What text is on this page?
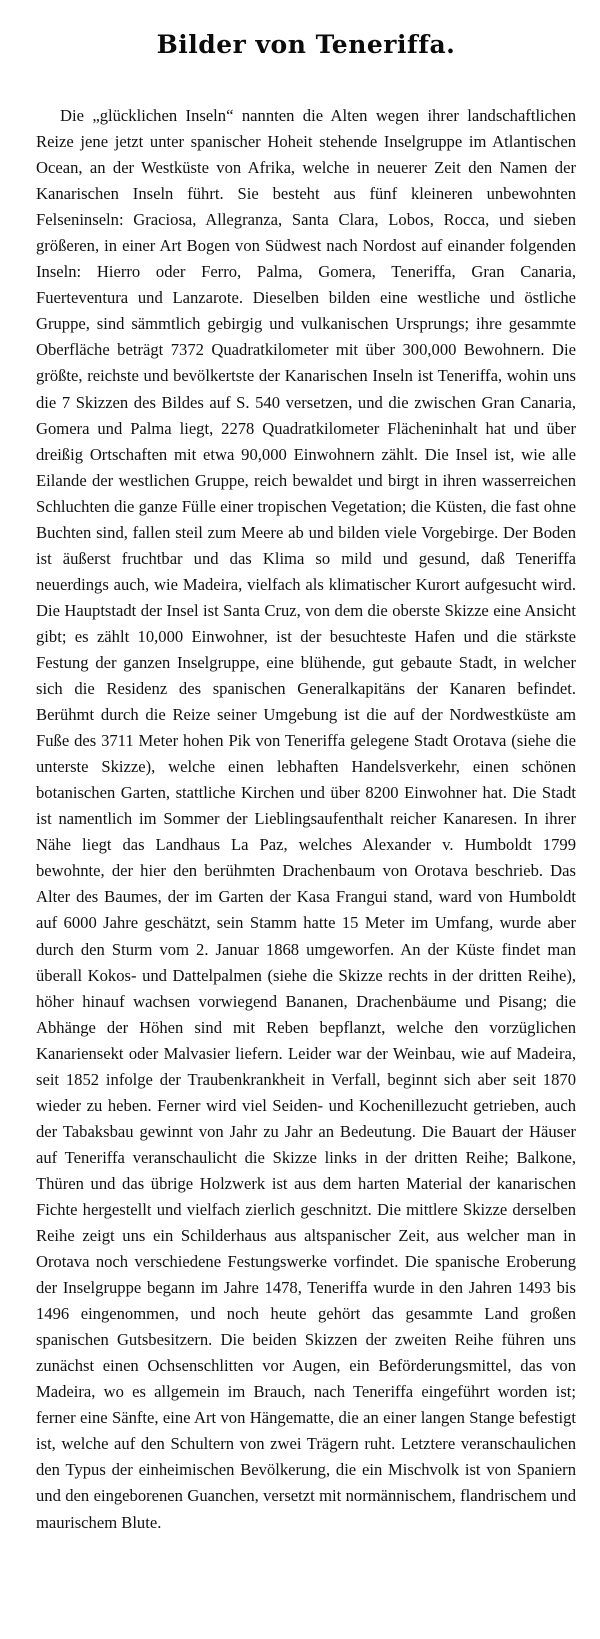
Bilder von Teneriffa.

Die „glücklichen Inseln“ nannten die Alten wegen ihrer landschaftlichen Reize jene jetzt unter spanischer Hoheit stehende Inselgruppe im Atlantischen Ocean, an der Westküste von Afrika, welche in neuerer Zeit den Namen der Kanarischen Inseln führt. Sie besteht aus fünf kleineren unbewohnten Felseninseln: Graciosa, Allegranza, Santa Clara, Lobos, Rocca, und sieben größeren, in einer Art Bogen von Südwest nach Nordost auf einander folgenden Inseln: Hierro oder Ferro, Palma, Gomera, Teneriffa, Gran Canaria, Fuerteventura und Lanzarote. Dieselben bilden eine westliche und östliche Gruppe, sind sämmtlich gebirgig und vulkanischen Ursprungs; ihre gesammte Oberfläche beträgt 7372 Quadratkilometer mit über 300,000 Bewohnern. Die größte, reichste und bevölkertste der Kanarischen Inseln ist Teneriffa, wohin uns die 7 Skizzen des Bildes auf S. 540 versetzen, und die zwischen Gran Canaria, Gomera und Palma liegt, 2278 Quadratkilometer Flächeninhalt hat und über dreißig Ortschaften mit etwa 90,000 Einwohnern zählt. Die Insel ist, wie alle Eilande der westlichen Gruppe, reich bewaldet und birgt in ihren wasserreichen Schluchten die ganze Fülle einer tropischen Vegetation; die Küsten, die fast ohne Buchten sind, fallen steil zum Meere ab und bilden viele Vorgebirge. Der Boden ist äußerst fruchtbar und das Klima so mild und gesund, daß Teneriffa neuerdings auch, wie Madeira, vielfach als klimatischer Kurort aufgesucht wird. Die Hauptstadt der Insel ist Santa Cruz, von dem die oberste Skizze eine Ansicht gibt; es zählt 10,000 Einwohner, ist der besuchteste Hafen und die stärkste Festung der ganzen Inselgruppe, eine blühende, gut gebaute Stadt, in welcher sich die Residenz des spanischen Generalkapitäns der Kanaren befindet. Berühmt durch die Reize seiner Umgebung ist die auf der Nordwestküste am Fuße des 3711 Meter hohen Pik von Teneriffa gelegene Stadt Orotava (siehe die unterste Skizze), welche einen lebhaften Handelsverkehr, einen schönen botanischen Garten, stattliche Kirchen und über 8200 Einwohner hat. Die Stadt ist namentlich im Sommer der Lieblingsaufenthalt reicher Kanaresen. In ihrer Nähe liegt das Landhaus La Paz, welches Alexander v. Humboldt 1799 bewohnte, der hier den berühmten Drachenbaum von Orotava beschrieb. Das Alter des Baumes, der im Garten der Kasa Frangui stand, ward von Humboldt auf 6000 Jahre geschätzt, sein Stamm hatte 15 Meter im Umfang, wurde aber durch den Sturm vom 2. Januar 1868 umgeworfen. An der Küste findet man überall Kokos- und Dattelpalmen (siehe die Skizze rechts in der dritten Reihe), höher hinauf wachsen vorwiegend Bananen, Drachenbäume und Pisang; die Abhänge der Höhen sind mit Reben bepflanzt, welche den vorzüglichen Kanariensekt oder Malvasier liefern. Leider war der Weinbau, wie auf Madeira, seit 1852 infolge der Traubenkrankheit in Verfall, beginnt sich aber seit 1870 wieder zu heben. Ferner wird viel Seiden- und Kochenillezucht getrieben, auch der Tabaksbau gewinnt von Jahr zu Jahr an Bedeutung. Die Bauart der Häuser auf Teneriffa veranschaulicht die Skizze links in der dritten Reihe; Balkone, Thüren und das übrige Holzwerk ist aus dem harten Material der kanarischen Fichte hergestellt und vielfach zierlich geschnitzt. Die mittlere Skizze derselben Reihe zeigt uns ein Schilderhaus aus altspanischer Zeit, aus welcher man in Orotava noch verschiedene Festungswerke vorfindet. Die spanische Eroberung der Inselgruppe begann im Jahre 1478, Teneriffa wurde in den Jahren 1493 bis 1496 eingenommen, und noch heute gehört das gesammte Land großen spanischen Gutsbesitzern. Die beiden Skizzen der zweiten Reihe führen uns zunächst einen Ochsenschlitten vor Augen, ein Beförderungsmittel, das von Madeira, wo es allgemein im Brauch, nach Teneriffa eingeführt worden ist; ferner eine Sänfte, eine Art von Hängematte, die an einer langen Stange befestigt ist, welche auf den Schultern von zwei Trägern ruht. Letztere veranschaulichen den Typus der einheimischen Bevölkerung, die ein Mischvolk ist von Spaniern und den eingeborenen Guanchen, versetzt mit normännischem, flandrischem und maurischem Blute.
